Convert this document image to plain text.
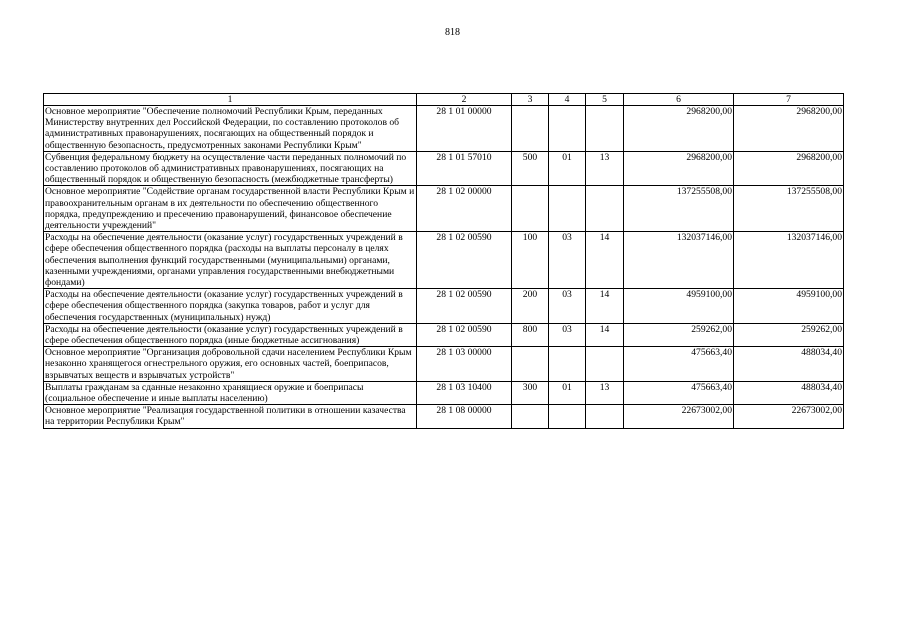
818
1	2	3	4	5	6	7
Основное мероприятие "Обеспечение полномочий Республики Крым, переданных Министерству внутренних дел Российской Федерации, по составлению протоколов об административных правонарушениях, посягающих на общественный порядок и общественную безопасность, предусмотренных законами Республики Крым"	28 1 01 00000				2968200,00	2968200,00
Субвенция федеральному бюджету на осуществление части переданных полномочий по составлению протоколов об административных правонарушениях, посягающих на общественный порядок и общественную безопасность (межбюджетные трансферты)	28 1 01 57010	500	01	13	2968200,00	2968200,00
Основное мероприятие "Содействие органам государственной власти Республики Крым и правоохранительным органам в их деятельности по обеспечению общественного порядка, предупреждению и пресечению правонарушений, финансовое обеспечение деятельности учреждений"	28 1 02 00000				137255508,00	137255508,00
Расходы на обеспечение деятельности (оказание услуг) государственных учреждений в сфере обеспечения общественного порядка (расходы на выплаты персоналу в целях обеспечения выполнения функций государственными (муниципальными) органами, казенными учреждениями, органами управления государственными внебюджетными фондами)	28 1 02 00590	100	03	14	132037146,00	132037146,00
Расходы на обеспечение деятельности (оказание услуг) государственных учреждений в сфере обеспечения общественного порядка (закупка товаров, работ и услуг для обеспечения государственных (муниципальных) нужд)	28 1 02 00590	200	03	14	4959100,00	4959100,00
Расходы на обеспечение деятельности (оказание услуг) государственных учреждений в сфере обеспечения общественного порядка (иные бюджетные ассигнования)	28 1 02 00590	800	03	14	259262,00	259262,00
Основное мероприятие "Организация добровольной сдачи населением Республики Крым незаконно хранящегося огнестрельного оружия, его основных частей, боеприпасов, взрывчатых веществ и взрывчатых устройств"	28 1 03 00000				475663,40	488034,40
Выплаты гражданам за сданные незаконно хранящиеся оружие и боеприпасы (социальное обеспечение и иные выплаты населению)	28 1 03 10400	300	01	13	475663,40	488034,40
Основное мероприятие "Реализация государственной политики в отношении казачества на территории Республики Крым"	28 1 08 00000				22673002,00	22673002,00
